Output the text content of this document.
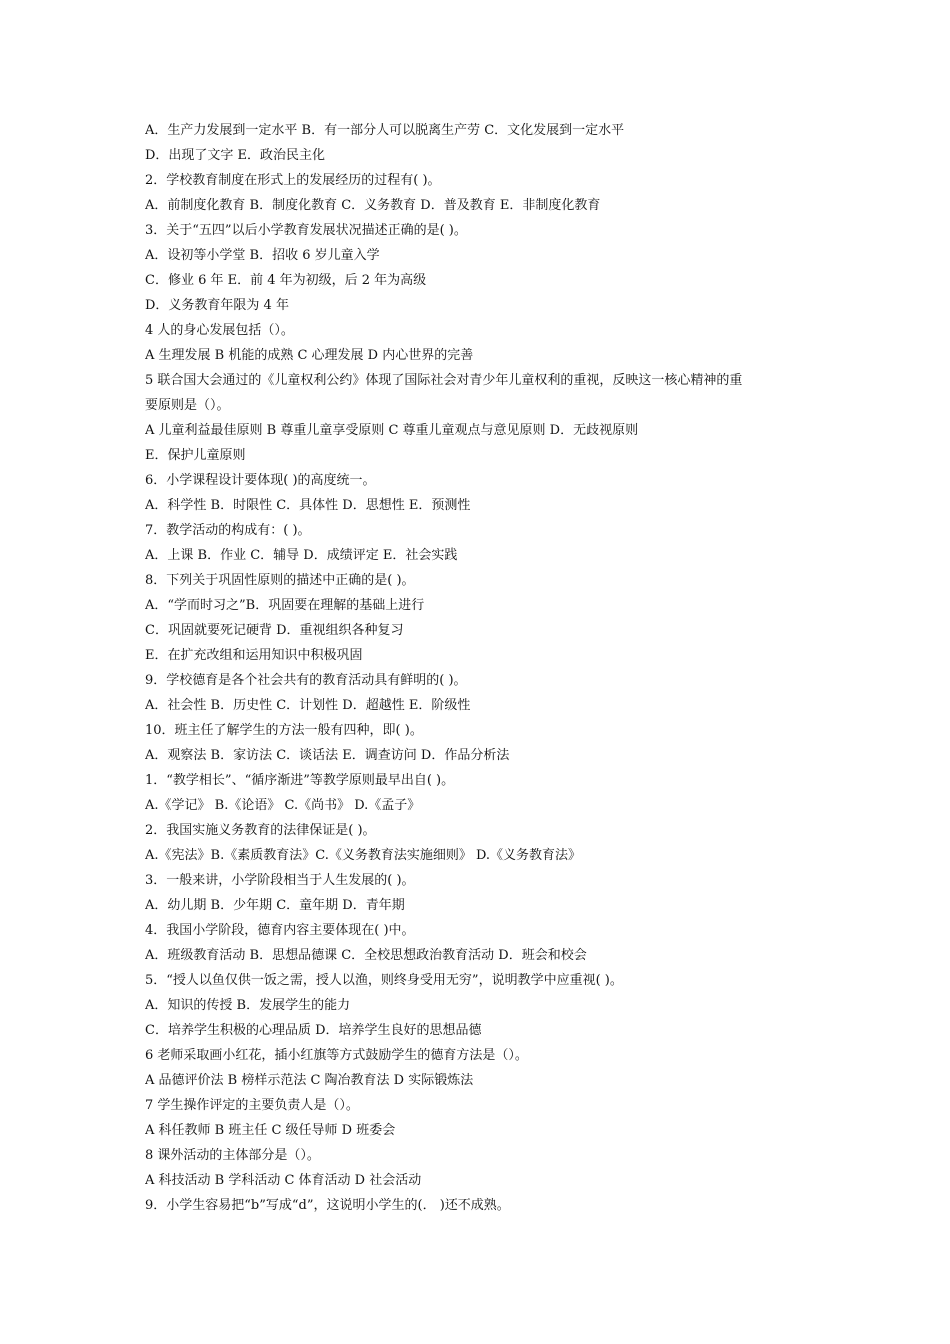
A．生产力发展到一定水平 B．有一部分人可以脱离生产劳 C．文化发展到一定水平
D．出现了文字 E．政治民主化
2．学校教育制度在形式上的发展经历的过程有( )。
A．前制度化教育 B．制度化教育 C．义务教育 D．普及教育 E．非制度化教育
3．关于“五四”以后小学教育发展状况描述正确的是( )。
A．设初等小学堂 B．招收 6 岁儿童入学
C．修业 6 年 E．前 4 年为初级，后 2 年为高级
D．义务教育年限为 4 年
4 人的身心发展包括（）。
A 生理发展 B 机能的成熟 C 心理发展 D 内心世界的完善
5 联合国大会通过的《儿童权利公约》体现了国际社会对青少年儿童权利的重视，反映这一核心精神的重
要原则是（）。
A 儿童利益最佳原则 B 尊重儿童享受原则 C 尊重儿童观点与意见原则 D．无歧视原则
E．保护儿童原则
6．小学课程设计要体现( )的高度统一。
A．科学性 B．时限性 C．具体性 D．思想性 E．预测性
7．教学活动的构成有：( )。
A．上课 B．作业 C．辅导 D．成绩评定 E．社会实践
8．下列关于巩固性原则的描述中正确的是( )。
A．“学而时习之”B．巩固要在理解的基础上进行
C．巩固就要死记硬背 D．重视组织各种复习
E．在扩充改组和运用知识中积极巩固
9．学校德育是各个社会共有的教育活动具有鲜明的( )。
A．社会性 B．历史性 C．计划性 D．超越性 E．阶级性
10．班主任了解学生的方法一般有四种，即( )。
A．观察法 B．家访法 C．谈话法 E．调查访问 D．作品分析法
1．“教学相长”、“循序渐进”等教学原则最早出自( )。
A.《学记》 B.《论语》 C.《尚书》 D.《孟子》
2．我国实施义务教育的法律保证是( )。
A.《宪法》B.《素质教育法》C.《义务教育法实施细则》 D.《义务教育法》
3．一般来讲，小学阶段相当于人生发展的( )。
A．幼儿期 B．少年期 C．童年期 D．青年期
4．我国小学阶段，德育内容主要体现在( )中。
A．班级教育活动 B．思想品德课 C．全校思想政治教育活动 D．班会和校会
5．“授人以鱼仅供一饭之需，授人以渔，则终身受用无穷”，说明教学中应重视( )。
A．知识的传授 B．发展学生的能力
C．培养学生积极的心理品质 D．培养学生良好的思想品德
6 老师采取画小红花，插小红旗等方式鼓励学生的德育方法是（）。
A 品德评价法 B 榜样示范法 C 陶冶教育法 D 实际锻炼法
7 学生操作评定的主要负责人是（）。
A 科任教师 B 班主任 C 级任导师 D 班委会
8 课外活动的主体部分是（）。
A 科技活动 B 学科活动 C 体育活动 D 社会活动
9．小学生容易把“b”写成“d”，这说明小学生的(． )还不成熟。
